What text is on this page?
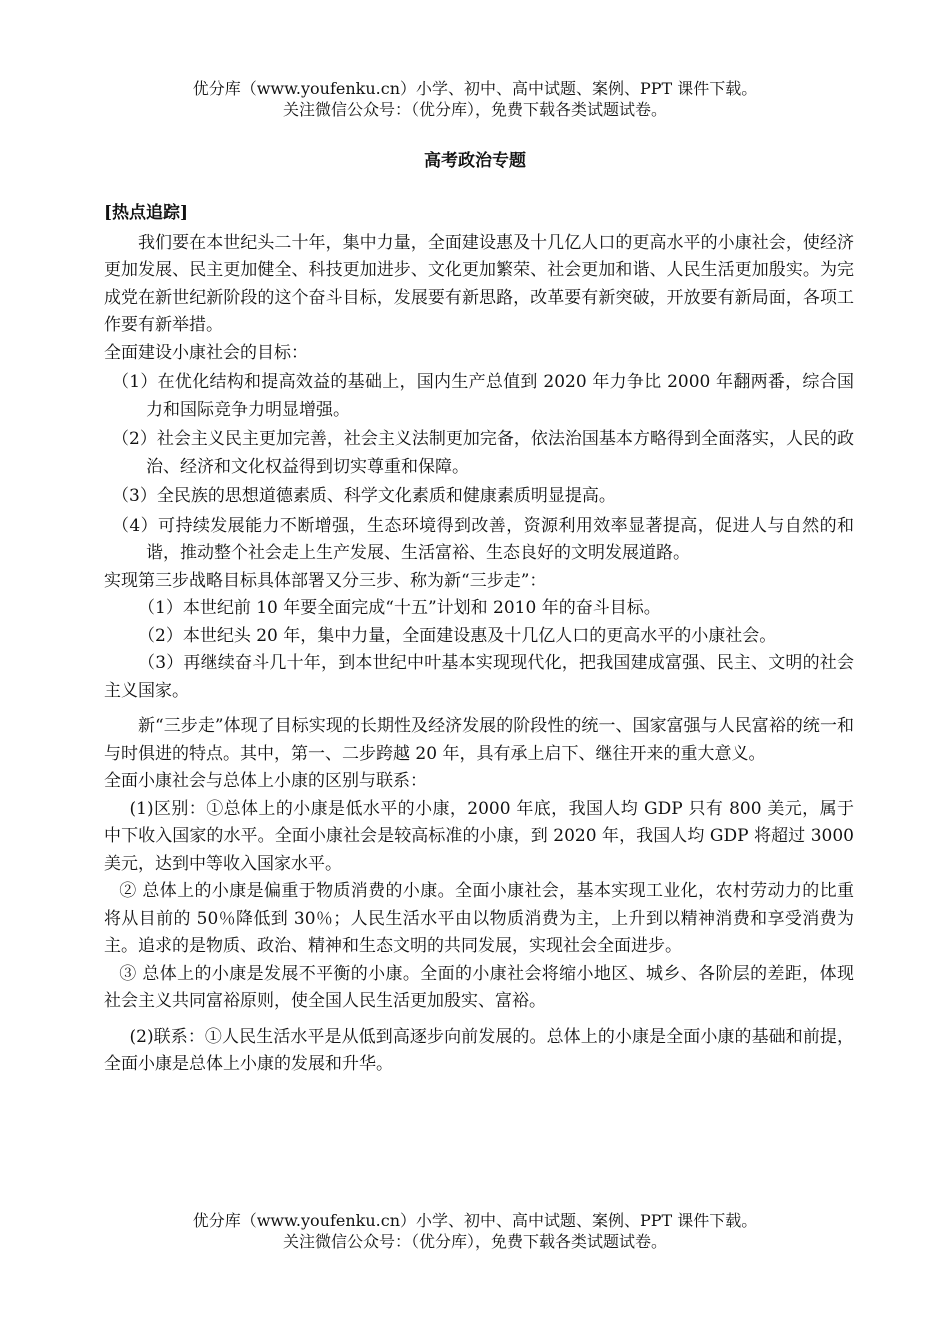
优分库（www.youfenku.cn）小学、初中、高中试题、案例、PPT 课件下载。
关注微信公众号：（优分库），免费下载各类试题试卷。
高考政治专题

[热点追踪]

我们要在本世纪头二十年，集中力量，全面建设惠及十几亿人口的更高水平的小康社会，使经济更加发展、民主更加健全、科技更加进步、文化更加繁荣、社会更加和谐、人民生活更加殷实。为完成党在新世纪新阶段的这个奋斗目标，发展要有新思路，改革要有新突破，开放要有新局面，各项工作要有新举措。

全面建设小康社会的目标：

（1）在优化结构和提高效益的基础上，国内生产总值到 2020 年力争比 2000 年翻两番，综合国力和国际竞争力明显增强。

（2）社会主义民主更加完善，社会主义法制更加完备，依法治国基本方略得到全面落实，人民的政治、经济和文化权益得到切实尊重和保障。

（3）全民族的思想道德素质、科学文化素质和健康素质明显提高。

（4）可持续发展能力不断增强，生态环境得到改善，资源利用效率显著提高，促进人与自然的和谐，推动整个社会走上生产发展、生活富裕、生态良好的文明发展道路。

实现第三步战略目标具体部署又分三步、称为新“三步走”：

（1）本世纪前 10 年要全面完成“十五”计划和 2010 年的奋斗目标。

（2）本世纪头 20 年，集中力量，全面建设惠及十几亿人口的更高水平的小康社会。

（3）再继续奋斗几十年，到本世纪中叶基本实现现代化，把我国建成富强、民主、文明的社会主义国家。

新“三步走”体现了目标实现的长期性及经济发展的阶段性的统一、国家富强与人民富裕的统一和与时俱进的特点。其中，第一、二步跨越 20 年，具有承上启下、继往开来的重大意义。

全面小康社会与总体上小康的区别与联系：

(1)区别：①总体上的小康是低水平的小康，2000 年底，我国人均 GDP 只有 800 美元，属于中下收入国家的水平。全面小康社会是较高标准的小康，到 2020 年，我国人均 GDP 将超过 3000 美元，达到中等收入国家水平。

② 总体上的小康是偏重于物质消费的小康。全面小康社会，基本实现工业化，农村劳动力的比重将从目前的 50％降低到 30％；人民生活水平由以物质消费为主，上升到以精神消费和享受消费为主。追求的是物质、政治、精神和生态文明的共同发展，实现社会全面进步。

③ 总体上的小康是发展不平衡的小康。全面的小康社会将缩小地区、城乡、各阶层的差距，体现社会主义共同富裕原则，使全国人民生活更加殷实、富裕。

(2)联系：①人民生活水平是从低到高逐步向前发展的。总体上的小康是全面小康的基础和前提，全面小康是总体上小康的发展和升华。

优分库（www.youfenku.cn）小学、初中、高中试题、案例、PPT 课件下载。
关注微信公众号：（优分库），免费下载各类试题试卷。
